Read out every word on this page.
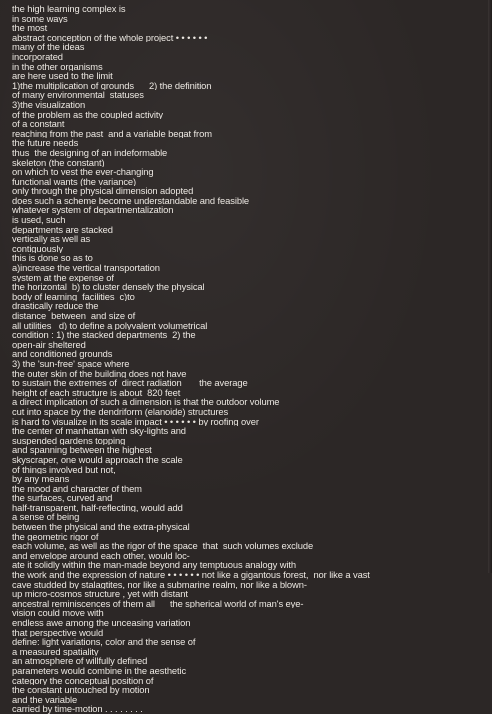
the high learning complex is
in some ways
the most
abstract conception of the whole project • • • • • •
many of the ideas
incorporated
in the other organisms
are here used to the limit
1)the multiplication of grounds      2) the definition
of many environmental  statuses
3)the visualization
of the problem as the coupled activity
of a constant
reaching from the past  and a variable begat from
the future needs
thus  the designing of an indeformable
skeleton (the constant)
on which to vest the ever-changing
functional wants (the variance)
only through the physical dimension adopted
does such a scheme become understandable and feasible
whatever system of departmentalization
is used, such
departments are stacked
vertically as well as
contiguously
this is done so as to
a)increase the vertical transportation
system at the expense of
the horizontal  b) to cluster densely the physical
body of learning  facilities  c)to
drastically reduce the
distance  between  and size of
all utilities   d) to define a polyvalent volumetrical
condition : 1) the stacked departments  2) the
open-air sheltered
and conditioned grounds
3) the 'sun-free' space where
the outer skin of the building does not have
to sustain the extremes of  direct radiation       the average
height of each structure is about  820 feet
a direct implication of such a dimension is that the outdoor volume
cut into space by the dendriform (elanoide) structures
is hard to visualize in its scale impact • • • • • • by roofing over
the center of manhattan with sky-lights and
suspended gardens topping
and spanning between the highest
skyscraper, one would approach the scale
of things involved but not,
by any means
the mood and character of them
the surfaces, curved and
half-transparent, half-reflecting, would add
a sense of being
between the physical and the extra-physical
the geometric rigor of
each volume, as well as the rigor of the space  that  such volumes exclude
and envelope around each other, would loc-
ate it solidly within the man-made beyond any temptuous analogy with
the work and the expression of nature • • • • • • not like a gigantous forest,  nor like a vast
cave studded by stalagtites, nor like a submarine realm, nor like a blown-
up micro-cosmos structure , yet with distant
ancestral reminiscences of them all      the spherical world of man's eye-
vision could move with
endless awe among the unceasing variation
that perspective would
define: light variations, color and the sense of
a measured spatiality
an atmosphere of willfully defined
parameters would combine in the aesthetic
category the conceptual position of
the constant untouched by motion
and the variable
carried by time-motion . . . . . . . .
